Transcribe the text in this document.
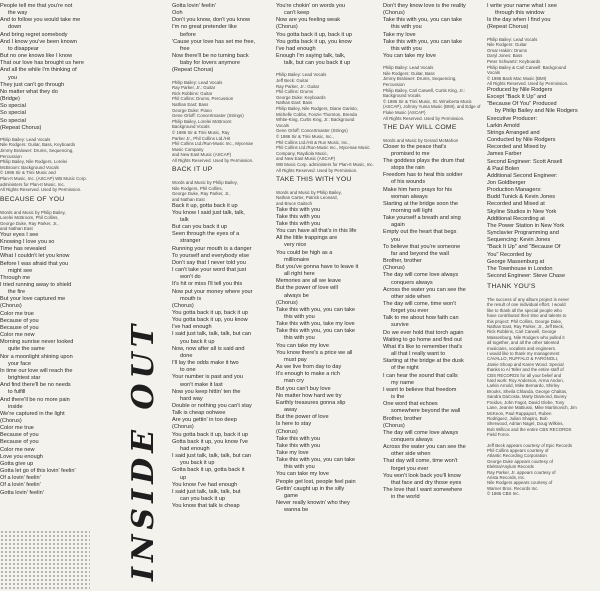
People tell me that you're not
the way
And to follow you would take me
down
And bring regret somebody
And I know you've been known
to disappear
But no one knows like I know
That our love has brought us here
And all the while I'm thinking of
you
They just can't go through
No matter what they do
(Bridge)
So special
So special
So special
(Repeat Chorus)
Philip Bailey: Lead Vocals
Nile Rodgers: Guitar, Bass, Keyboards
Jimmy Bralower: Drums, Sequencing,
Percussion
Philip Bailey, Nile Rodgers, Lorelei
McBroom: Background Vocals
© 1986 Sir & Trini Music and
Plan-It Music, Inc. (ASCAP) WB Music Corp.
administers for Plan-It Music, Inc.
All Rights Reserved. Used by Permission.
BECAUSE OF YOU
Words and Music by Philip Bailey,
Lorelei McBroom, Phil Collins,
George Duke, Ray Parker, Jr.,
and Nathan East
Your eyes I see
Knowing I love you so
Time has revealed
What I couldn't let you know
Before I was afraid that you
might see
Through me
I tried running away to shield
the fire
But your love captured me
(Chorus)
Color me true
Because of you
Because of you
Color me new
Morning sunrise never looked
quite the same
Nor a moonlight shining upon
your face
In time our love will reach the
brightest star
And find there'll be no needs
to fulfill
And there'll be no more pain
inside
We're captured in the light
(Chorus)
Color me true
Because of you
Because of you
Color me new
Love you enough
Gotta give up
Gotta let go of this lovin' feelin'
Of a lovin' feelin'
Of a lovin' feelin'
Gotta lovin' feelin'
Gotta lovin' feelin'
Ooh
Don't you know, don't you know
I'm no great pretender like
before
'Cause your love has set me free,
free
Now there'll be no turning back
baby for lovers anymore
(Repeat Chorus)
Philip Bailey: Lead Vocals
Ray Parker, Jr.: Guitar
Rick Robbins: Guitar
Phil Collins: Drums, Percussion
Nathan East: Bass
George Duke: Piano
Gene Orloff: Concertmaster (Strings)
Philip Bailey, Lorelei McBroom:
Background Vocals
© 1986 Sir & Trini Music, Ray
Parker Jr., Phil Collins Ltd./Hit
Phil Collins Ltd./Run-Music Inc., Mycenae
Music Company
and New East Music (ASCAP)
All Rights Reserved. Used by Permission.
BACK IT UP
Words and Music by Philip Bailey,
Nile Rodgers, Phil Collins,
George Duke, Ray Parker, Jr.,
and Nathan East
Back it up, gotta back it up
You know I said just talk, talk,
talk
But can you back it up
Seen through the eyes of a
stranger
Running your mouth is a danger
To yourself and everybody else
Don't say that I never told you
I can't take your word that just
won't do
It's hit or miss I'll tell you this
Now put your money where your
mouth is
(Chorus)
You gotta back it up, back it up
You gotta back it up, you know
I've had enough
I said just talk, talk, talk, but can
you back it up
Now, now after all is said and
done
I'll lay the odds make it two
to one
Your number is past and you
won't make it last
Now you keep hittin' ten the
hard way
Double or nothing you can't stay
Talk is cheap oohwee
Are you gettin' in too deep
(Chorus)
You gotta back it up, back it up
Gotta back it up, you know I've
had enough
I said just talk, talk, talk, but can
you back it up
Gotta back it up, gotta back it
up
You know I've had enough
I said just talk, talk, talk, but
can you back it up
You know that talk is cheap
You're chokin' on words you
can't keep
Now are you feeling weak
(Chorus)
You gotta back it up, back it up
You gotta back it up, you know
I've had enough
Enough I'm saying talk, talk,
talk, but can you back it up
Philip Bailey: Lead Vocals
Jeff Beck: Guitar
Ray Parker, Jr.: Guitar
Phil Collins: Drums
George Duke: Keyboards
Nathan East: Bass
Philip Bailey, Nile Rodgers, Diane Garisto,
Michelle Cobbs, Fonzie Thornton, Brenda
White-King, Curtis King, Jr.: Background
Vocals
Gene Orloff: Concertmaster (Strings)
© 1986 Sir & Trini Music, Inc.,
Phil Collins Ltd./Hit & Run Music, Inc.,
Phil Collins Ltd./Run-Music Inc., Mycenae Music
Company, Raydiola Music,
and New East Music (ASCAP)
WB Music Corp. administers for Plan-It Music, Inc.
All Rights Reserved. Used by Permission.
TAKE THIS WITH YOU
Words and Music by Philip Bailey,
Nathan Carter, Patrick Leonard,
and Bruce Gaitsch
Take this with you
Take this with you
Take this with you
You can have all that's in this life
All the little trappings are
very nice
You could be high as a
millionaire
But you've gonna have to leave it
all right here
Memories are all we leave
But the power of love will
always be
(Chorus)
Take this with you, you can take
this with you
Take this with you, take my love
Take this with you, you can take
this with you
You can take my love
You know there's a price we all
must pay
As we live from day to day
It's enough to make a rich
man cry
But you can't buy love
No matter how hard we try
Earthly treasures gonna slip
away
But the power of love
Is here to stay
(Chorus)
Take this with you
Take this with you
Take my love
Take this with you, you can take
this with you
You can take my love
People get lost, people feel pain
Gettin' caught up in the silly
game
Never really knowin' who they
wanna be
Don't they know love is the reality
(Chorus)
Take this with you, you can take
this with you
Take my love
Take this with you, you can take
this with you
You can take my love
Philip Bailey: Lead Vocals
Nile Rodgers: Guitar, Bass
Jimmy Bralower: Drums, Sequencing,
Percussion
Philip Bailey, Carl Carwell, Curtis King, Jr.:
Background Vocals
© 1986 Sir & Trini Music, St. Wineberta Music
(ASCAP), Johnny Yuma Music (BMI), and Edge of
Fluke Music (ASCAP)
All Rights Reserved. Used by Permission.
THE DAY WILL COME
Words and Music by Gerard McMahon
Closer to the peace that's
promised to me
The goddess plays the drum that
stops the rain
Freedom has to heal this soldier
of his wounds
Make him hero prays for his
woman always
Starting at the bridge soon the
morning will light
Take yourself a breath and sing
again
Empty out the heart that begs
you
To believe that you're someone
far and beyond the wall
Brother, brother
(Chorus)
The day will come love always
conquers always
Across the water you can see the
other side when
The day will come, time won't
forget you ever
Talk to me about how faith can
survive
Do we ever hold that torch again
Waiting to go home and find out
What it's like to remember that's
all that I really want to
Starting at the bridge at the dusk
of the night
I can hear the sound that calls
my name
I want to believe that freedom
is the
One word that echoes
somewhere beyond the wall
Brother, brother
(Chorus)
The day will come love always
conquers always
Across the water you can see the
other side when
That day will come, time won't
forget you ever
You won't look back you'll know
that face and dry those eyes
The love that I want somewhere
in the world
I write your name what I see
through this window
Is the day when I find you
(Repeat Chorus)
Philip Bailey: Lead Vocals
Nile Rodgers: Guitar
Omar Hakim: Drums
Daryl Jones: Bass
Peter Schwartz: Keyboards
Philip Bailey & Carl Carwell: Background
Vocals
© 1986 Back Mac Music (BMI)
All Rights Reserved. Used by Permission.
Produced by Nile Rodgers
Except "Back It Up" and
"Because Of You" Produced
by Philip Bailey and Nile Rodgers
Executive Producer:
Larkin Arnold
Strings Arranged and
Conducted by Nile Rodgers
Recorded and Mixed by
James Farber
Second Engineer: Scott Ansell
& Paul Bolen
Additional Second Engineer:
Jon Goldberger
Production Managers:
Budd Tunick & Kevin Jones
Recorded and Mixed at
Skyline Studios in New York
Additional Recording at
The Power Station in New York
Synclavier Programming and
Sequencing: Kevin Jones
"Back It Up" and "Because Of
You" Recorded by
George Massenburg at
The Townhouse in London
Second Engineer: Steve Chase
THANK YOU'S
The success of any album project is never
the result of one individual effort. I would
like to thank all the special people who
have contributed their time and talents to
this project: Phil Collins, George Duke,
Nathan East, Ray Parker, Jr., Jeff Beck,
Rick Robbins, Carl Carwell, George
Massenburg, Nile Rodgers who pulled it
all together, and all the other talented
musicians, vocalists and engineers.
I would like to thank my management
CAVALLO, RUFFALO & FARGNOLI,
Jamie Shoop and Karen Wood. Special
thanks to Al Teller and the entire staff of
CBS RECORDS for all your belief and
hard work: Roy Anderson, Arma Andon,
Larkin Arnold, Mike Bernardo, Shirley
Brooks, Sheila Chlanda, George Chaltas,
Sandra DaCosta, Marty Diamond, Bunny
Freidus, John Fagot, David Glebe, Tony
Lane, Jeanne Mattiussi, Mike Martinovich, Jim
McKeon, Paul Rappaport, Ruben
Rodriguez, Julian Shapiro, Bob
Sherwood, Adrian Nagel, Doug Wilkins,
Bob Willcox and the entire CBS RECORDS
Field Force.
Jeff Beck appears courtesy of Epic Records
Phil Collins appears courtesy of
Atlantic Recording Corporation
George Duke appears courtesy of
Elektra/Asylum Records
Ray Parker, Jr. appears courtesy of
Arista Records, Inc.
Nile Rodgers appears courtesy of
Warner Bros. Records Inc.
© 1986 CBS Inc.
INSIDE OUT
